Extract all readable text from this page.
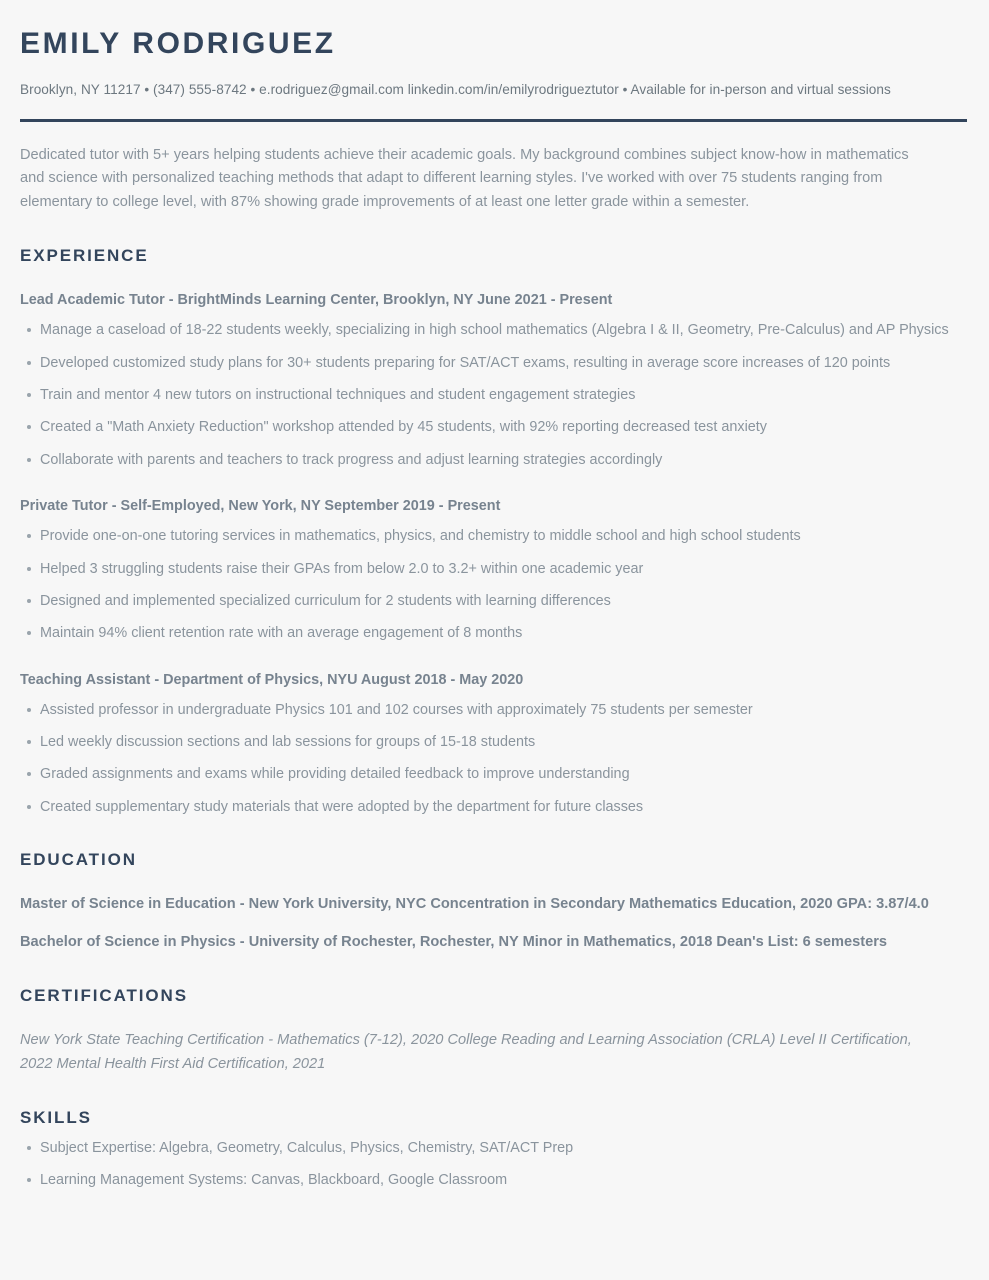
EMILY RODRIGUEZ
Brooklyn, NY 11217 • (347) 555-8742 • e.rodriguez@gmail.com linkedin.com/in/emilyrodrigueztutor • Available for in-person and virtual sessions

Dedicated tutor with 5+ years helping students achieve their academic goals. My background combines subject know-how in mathematics and science with personalized teaching methods that adapt to different learning styles. I've worked with over 75 students ranging from elementary to college level, with 87% showing grade improvements of at least one letter grade within a semester.

EXPERIENCE
Lead Academic Tutor - BrightMinds Learning Center, Brooklyn, NY June 2021 - Present
Manage a caseload of 18-22 students weekly, specializing in high school mathematics (Algebra I & II, Geometry, Pre-Calculus) and AP Physics
Developed customized study plans for 30+ students preparing for SAT/ACT exams, resulting in average score increases of 120 points
Train and mentor 4 new tutors on instructional techniques and student engagement strategies
Created a "Math Anxiety Reduction" workshop attended by 45 students, with 92% reporting decreased test anxiety
Collaborate with parents and teachers to track progress and adjust learning strategies accordingly
Private Tutor - Self-Employed, New York, NY September 2019 - Present
Provide one-on-one tutoring services in mathematics, physics, and chemistry to middle school and high school students
Helped 3 struggling students raise their GPAs from below 2.0 to 3.2+ within one academic year
Designed and implemented specialized curriculum for 2 students with learning differences
Maintain 94% client retention rate with an average engagement of 8 months
Teaching Assistant - Department of Physics, NYU August 2018 - May 2020
Assisted professor in undergraduate Physics 101 and 102 courses with approximately 75 students per semester
Led weekly discussion sections and lab sessions for groups of 15-18 students
Graded assignments and exams while providing detailed feedback to improve understanding
Created supplementary study materials that were adopted by the department for future classes
EDUCATION
Master of Science in Education - New York University, NYC Concentration in Secondary Mathematics Education, 2020 GPA: 3.87/4.0
Bachelor of Science in Physics - University of Rochester, Rochester, NY Minor in Mathematics, 2018 Dean's List: 6 semesters
CERTIFICATIONS
New York State Teaching Certification - Mathematics (7-12), 2020 College Reading and Learning Association (CRLA) Level II Certification, 2022 Mental Health First Aid Certification, 2021
SKILLS
Subject Expertise: Algebra, Geometry, Calculus, Physics, Chemistry, SAT/ACT Prep
Learning Management Systems: Canvas, Blackboard, Google Classroom
